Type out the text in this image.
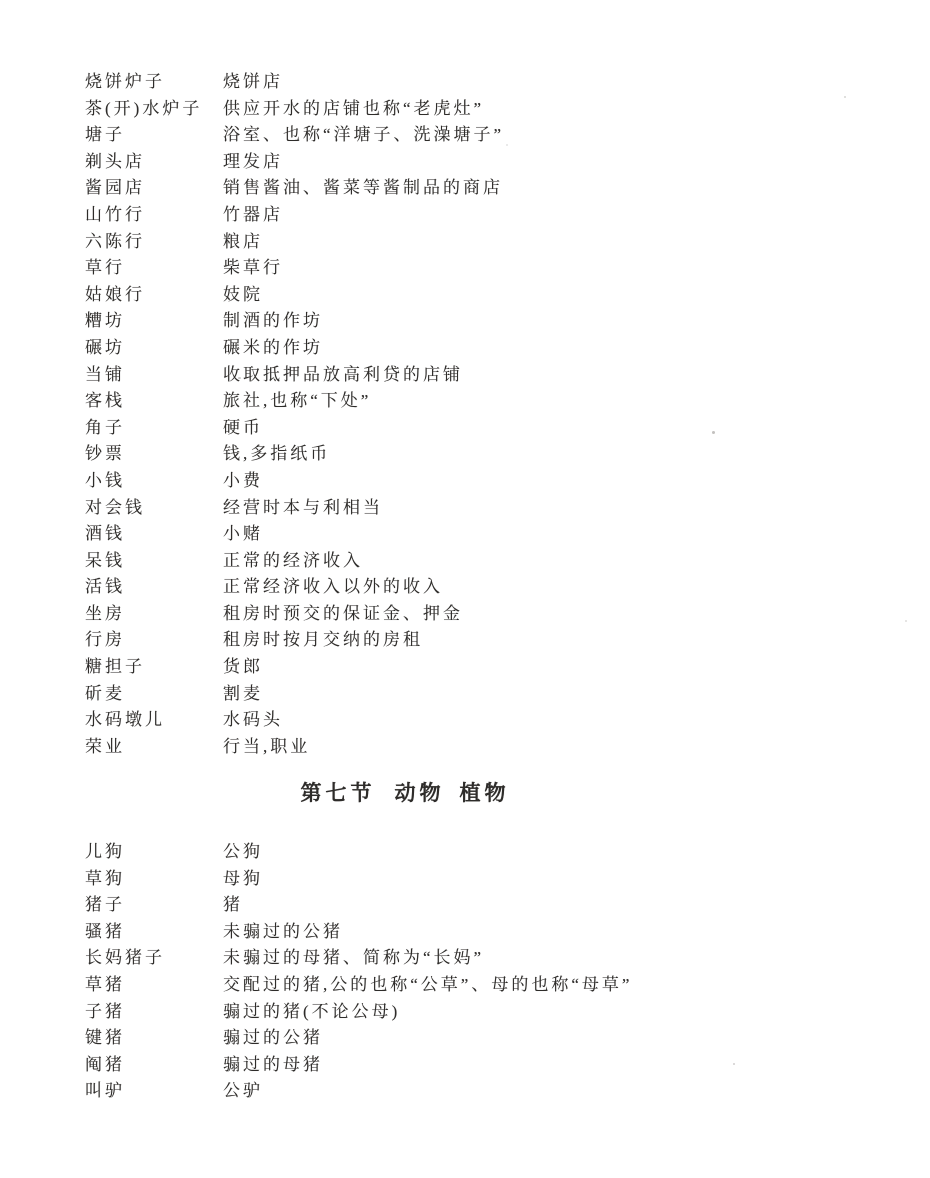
烧饼炉子	烧饼店
茶(开)水炉子	供应开水的店铺也称“老虎灶”
塘子	浴室、也称“洋塘子、洗澡塘子”
剃头店	理发店
酱园店	销售酱油、酱菜等酱制品的商店
山竹行	竹器店
六陈行	粮店
草行	柴草行
姑娘行	妓院
糟坊	制酒的作坊
碾坊	碾米的作坊
当铺	收取抵押品放高利贷的店铺
客栈	旅社,也称“下处”
角子	硬币
钞票	钱,多指纸币
小钱	小费
对会钱	经营时本与利相当
酒钱	小赌
呆钱	正常的经济收入
活钱	正常经济收入以外的收入
坐房	租房时预交的保证金、押金
行房	租房时按月交纳的房租
糖担子	货郎
斫麦	割麦
水码墩儿	水码头
荣业	行当,职业
第七节 动物 植物
儿狗	公狗
草狗	母狗
猪子	猪
骚猪	未骟过的公猪
长妈猪子	未骟过的母猪、简称为“长妈”
草猪	交配过的猪,公的也称“公草”、母的也称“母草”
子猪	骟过的猪(不论公母)
键猪	骟过的公猪
阄猪	骟过的母猪
叫驴	公驴
